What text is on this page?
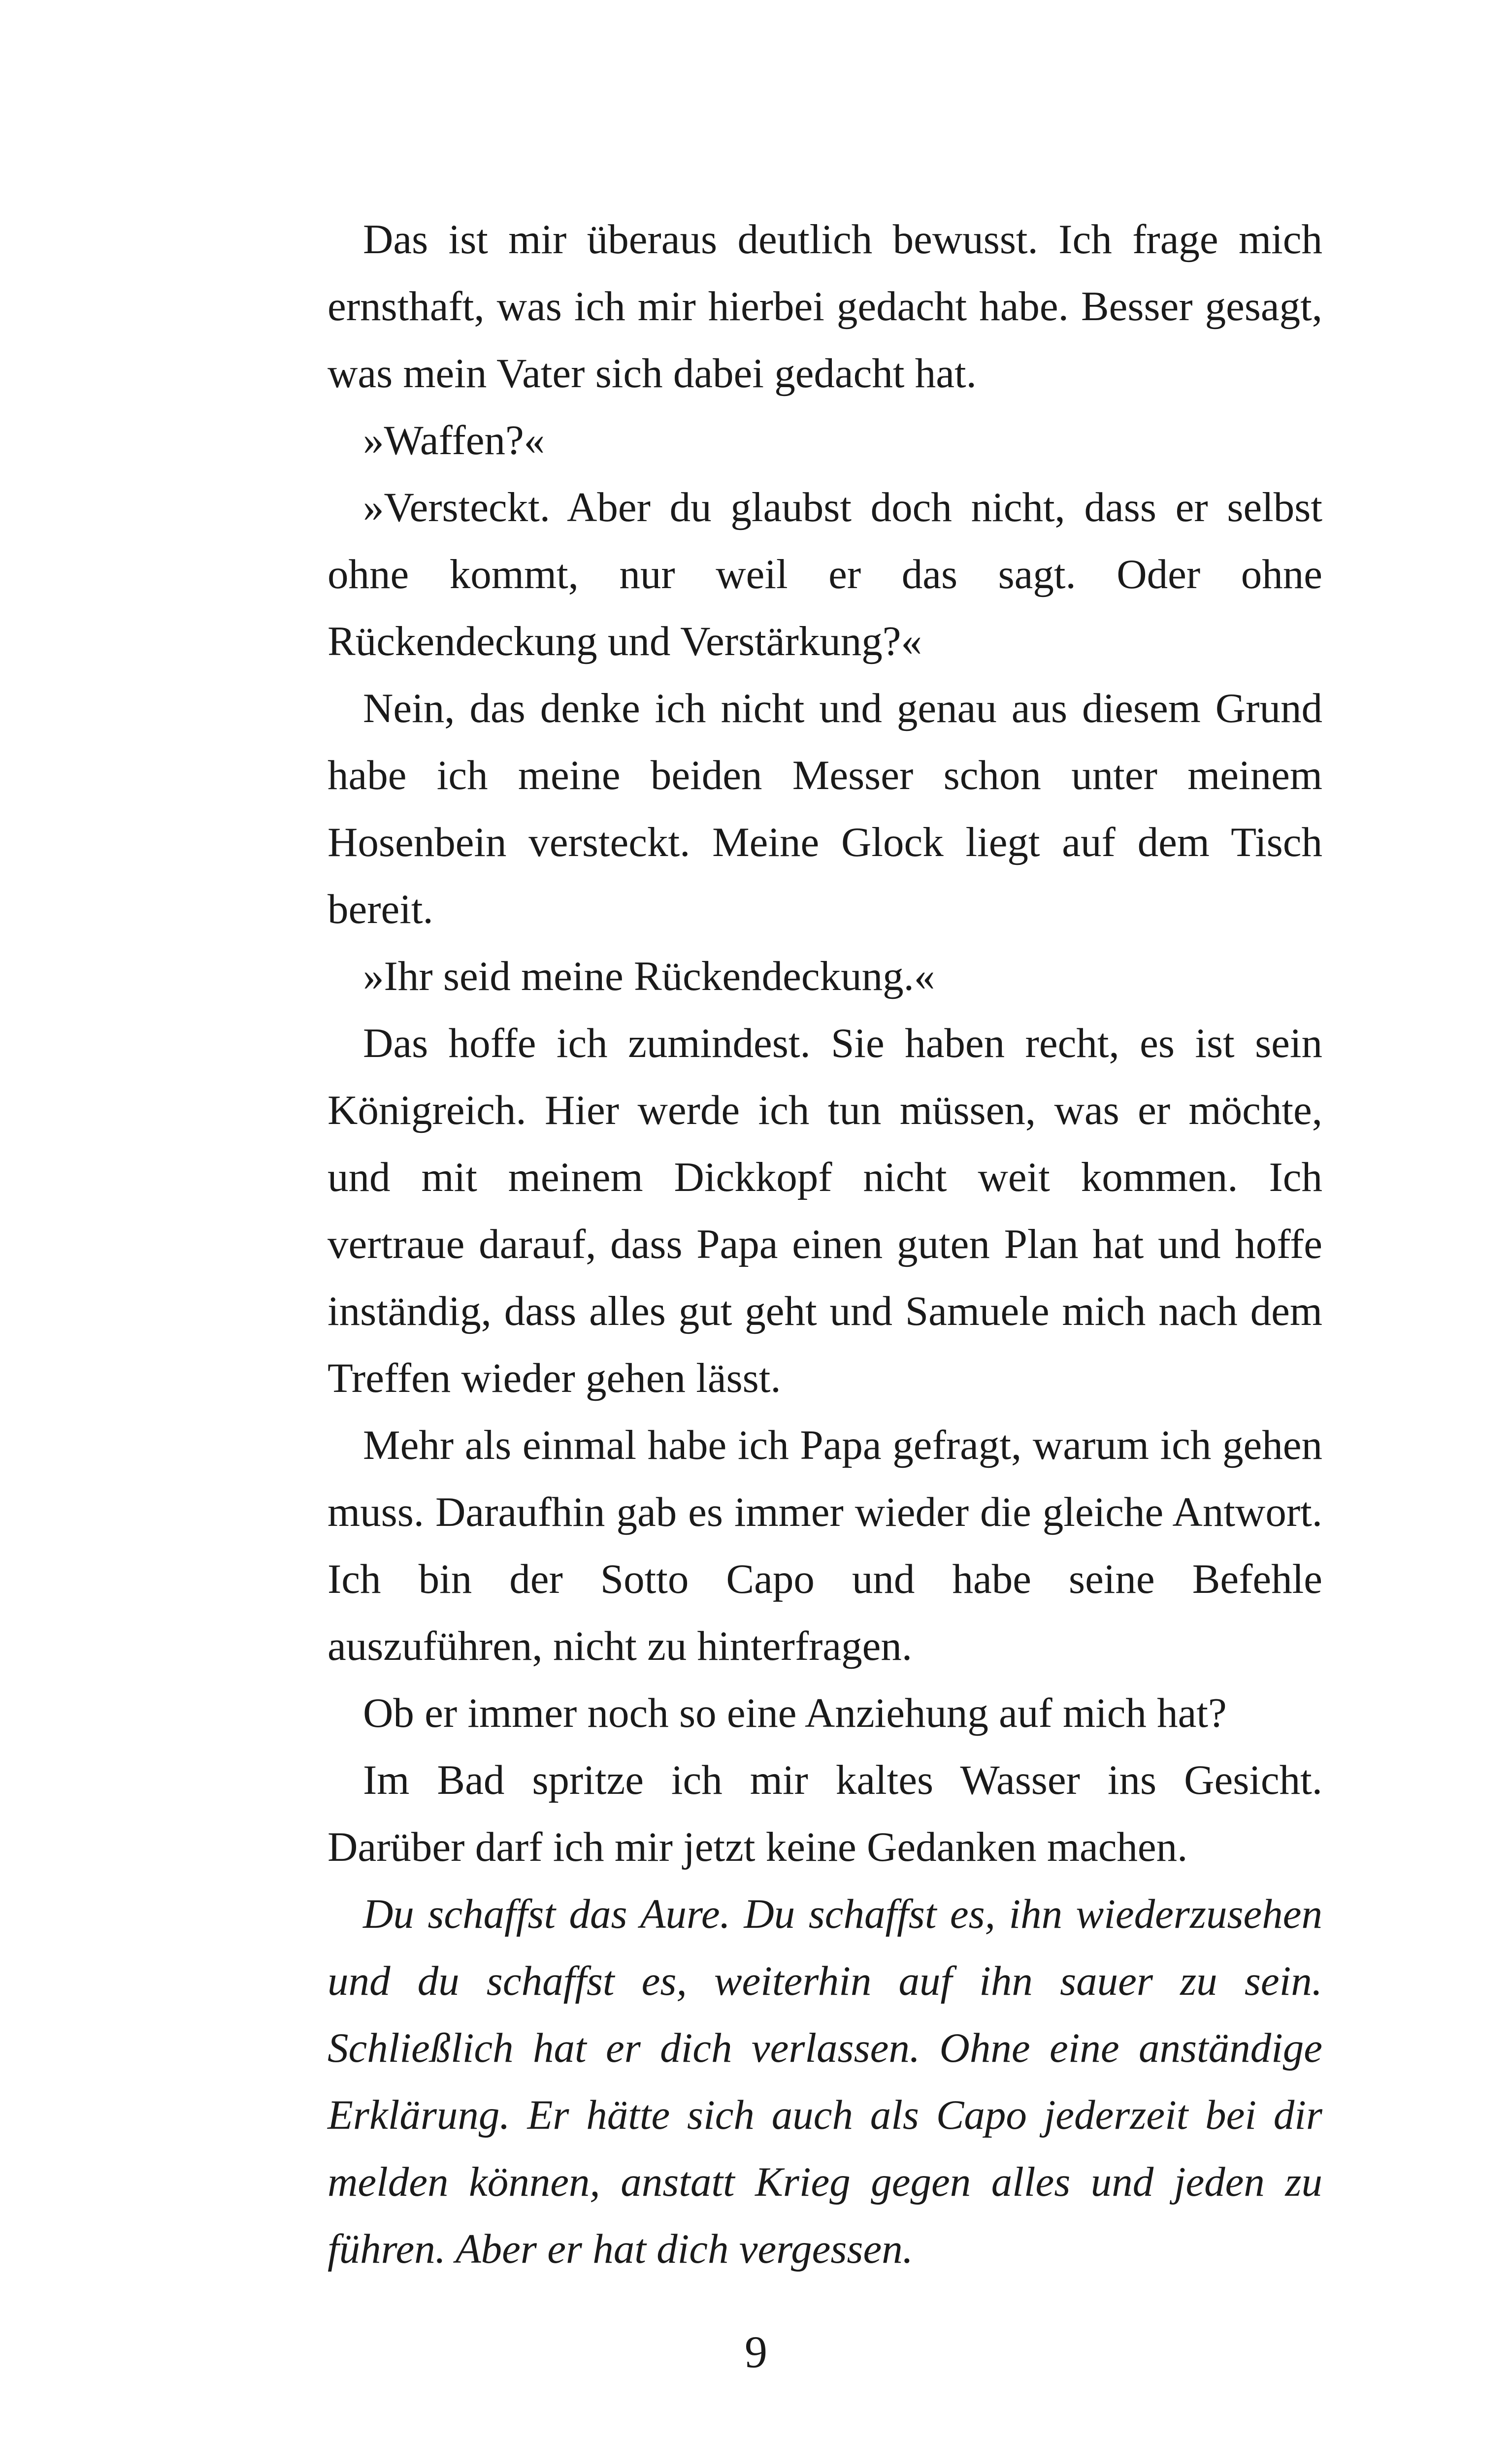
Das ist mir überaus deutlich bewusst. Ich frage mich ernsthaft, was ich mir hierbei gedacht habe. Besser gesagt, was mein Vater sich dabei gedacht hat.

»Waffen?«

»Versteckt. Aber du glaubst doch nicht, dass er selbst ohne kommt, nur weil er das sagt. Oder ohne Rückendeckung und Verstärkung?«

Nein, das denke ich nicht und genau aus diesem Grund habe ich meine beiden Messer schon unter meinem Hosenbein versteckt. Meine Glock liegt auf dem Tisch bereit.

»Ihr seid meine Rückendeckung.«

Das hoffe ich zumindest. Sie haben recht, es ist sein Königreich. Hier werde ich tun müssen, was er möchte, und mit meinem Dickkopf nicht weit kommen. Ich vertraue darauf, dass Papa einen guten Plan hat und hoffe inständig, dass alles gut geht und Samuele mich nach dem Treffen wieder gehen lässt.

Mehr als einmal habe ich Papa gefragt, warum ich gehen muss. Daraufhin gab es immer wieder die gleiche Antwort. Ich bin der Sotto Capo und habe seine Befehle auszuführen, nicht zu hinterfragen.

Ob er immer noch so eine Anziehung auf mich hat?

Im Bad spritze ich mir kaltes Wasser ins Gesicht. Darüber darf ich mir jetzt keine Gedanken machen.

Du schaffst das Aure. Du schaffst es, ihn wiederzusehen und du schaffst es, weiterhin auf ihn sauer zu sein. Schließlich hat er dich verlassen. Ohne eine anständige Erklärung. Er hätte sich auch als Capo jederzeit bei dir melden können, anstatt Krieg gegen alles und jeden zu führen. Aber er hat dich vergessen.

9
